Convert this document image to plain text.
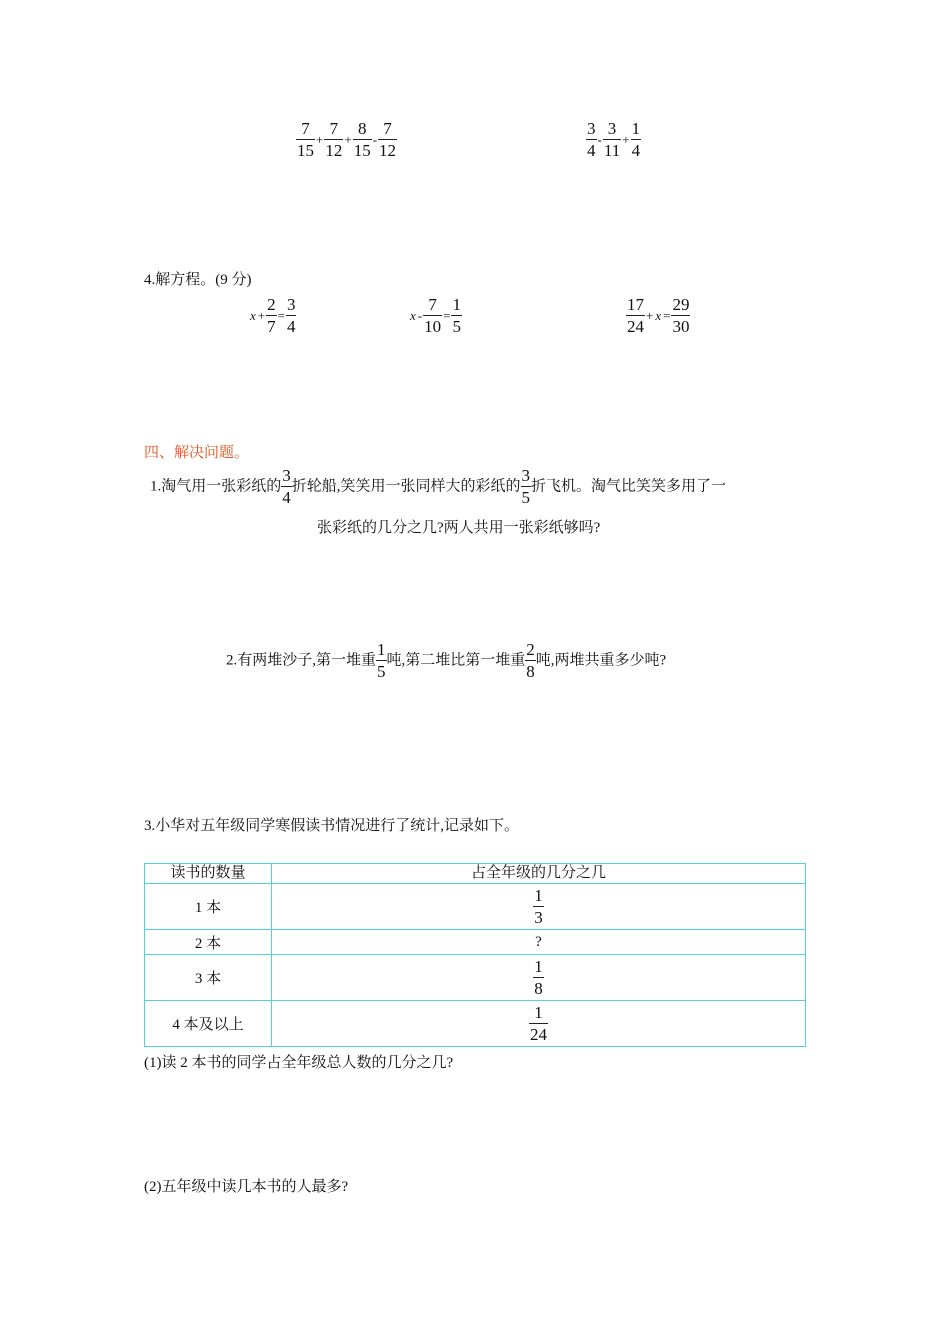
$\frac{7}{15} + \frac{7}{12} + \frac{8}{15} - \frac{7}{12}$	$\frac{3}{4} - \frac{3}{11} + \frac{1}{4}$
4.解方程。(9 分)
$x + \frac{2}{7} = \frac{3}{4}$	$x - \frac{7}{10} = \frac{1}{5}$	$\frac{17}{24} + x = \frac{29}{30}$
四、解决问题。
1.淘气用一张彩纸的 $\frac{3}{4}$ 折轮船,笑笑用一张同样大的彩纸的 $\frac{3}{5}$ 折飞机。淘气比笑笑多用了一
张彩纸的几分之几?两人共用一张彩纸够吗?
2.有两堆沙子,第一堆重 $\frac{1}{5}$ 吨,第二堆比第一堆重 $\frac{2}{8}$ 吨,两堆共重多少吨?
3.小华对五年级同学寒假读书情况进行了统计,记录如下。
读书的数量	占全年级的几分之几
1 本	$\frac{1}{3}$

2 本	?
3 本	$\frac{1}{8}$

4 本及以上	$\frac{1}{24}$
(1)读 2 本书的同学占全年级总人数的几分之几?
(2)五年级中读几本书的人最多?
